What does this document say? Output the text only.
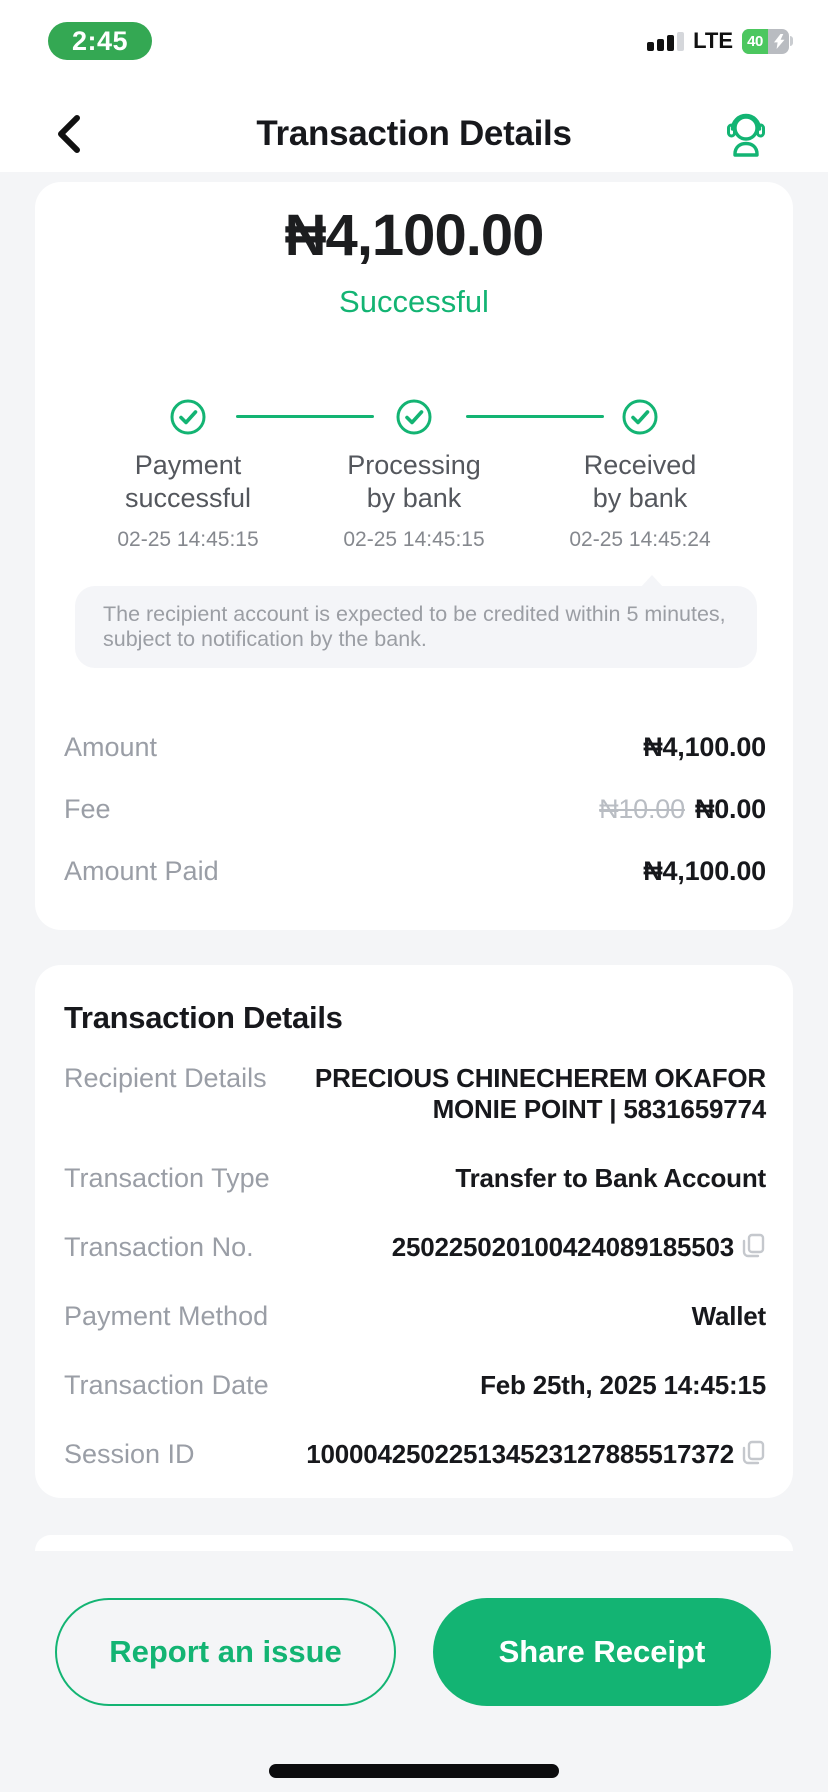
2:45	LTE 40
Transaction Details
₦4,100.00
Successful
Payment
successful
02-25 14:45:15
Processing
by bank
02-25 14:45:15
Received
by bank
02-25 14:45:24
The recipient account is expected to be credited within 5 minutes, subject to notification by the bank.
Amount	₦4,100.00
Fee	₦10.00 ₦0.00
Amount Paid	₦4,100.00
Transaction Details
Recipient Details PRECIOUS CHINECHEREM OKAFOR
MONIE POINT | 5831659774
Transaction Type	Transfer to Bank Account
Transaction No.	250225020100424089185503
Payment Method	Wallet
Transaction Date	Feb 25th, 2025 14:45:15
Session ID	100004250225134523127885517372
Report an issue	Share Receipt
